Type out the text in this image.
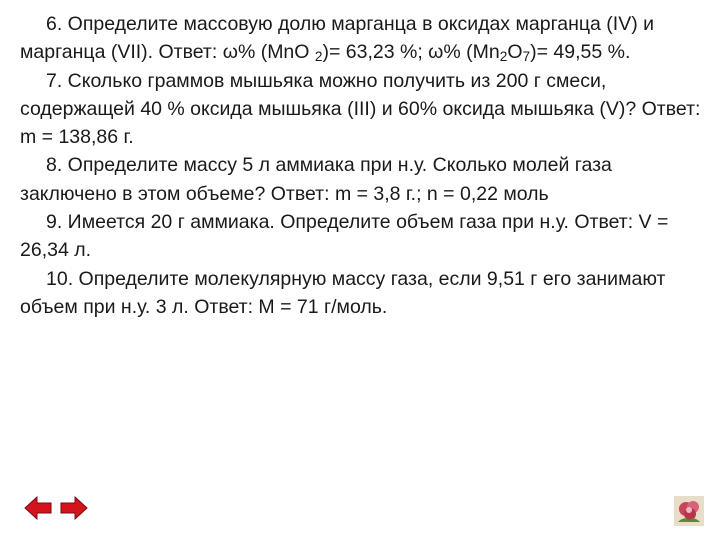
6. Определите массовую долю марганца в оксидах марганца (IV) и марганца (VII). Ответ: ω% (MnO $_2$)= 63,23 %; ω% $(Mn_2O_7)= 49,55$ %.

7. Сколько граммов мышьяка можно получить из 200 г смеси, содержащей 40 % оксида мышьяка (III) и 60% оксида мышьяка (V)? Ответ: m = 138,86 г.

8. Определите массу 5 л аммиака при н.у. Сколько молей газа заключено в этом объеме? Ответ: m = 3,8 г.; n = 0,22 моль

9. Имеется 20 г аммиака. Определите объем газа при н.у. Ответ: V = 26,34 л.

10. Определите молекулярную массу газа, если 9,51 г его занимают объем при н.у. 3 л. Ответ: М = 71 г/моль.
